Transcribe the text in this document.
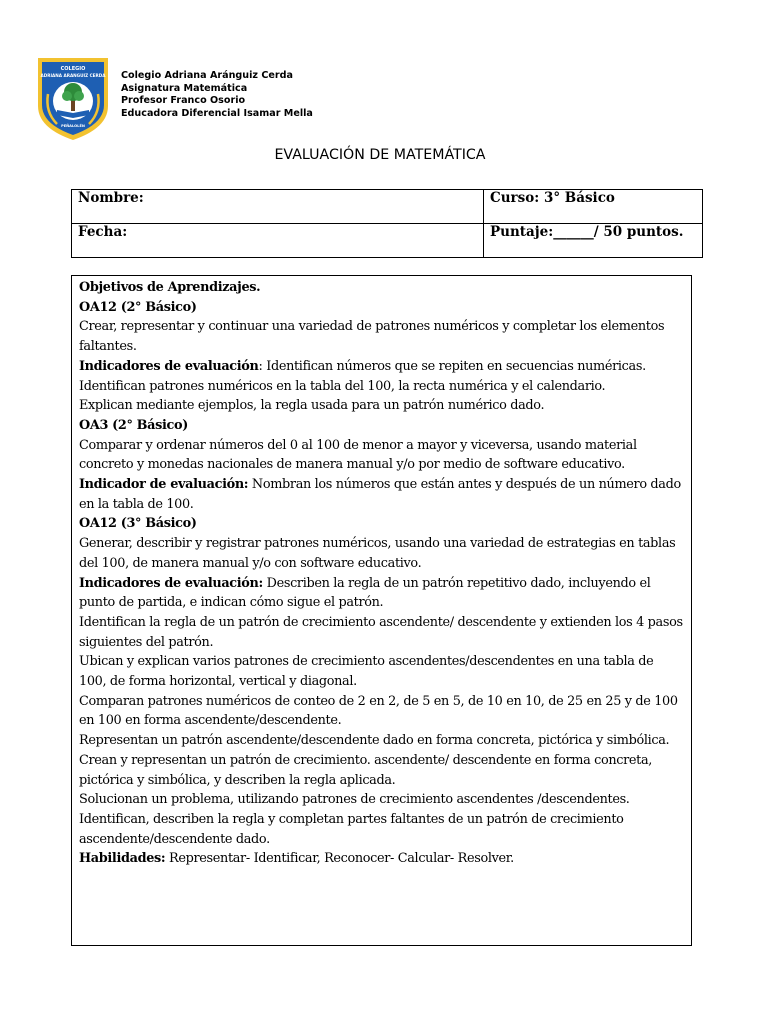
COLEGIO
ADRIANA ARANGUIZ CERDA
PEÑALOLÉN
Colegio Adriana Aránguiz Cerda
Asignatura Matemática
Profesor Franco Osorio
Educadora Diferencial Isamar Mella
EVALUACIÓN DE MATEMÁTICA
Nombre:	Curso: 3° Básico
Fecha:	Puntaje:______/ 50 puntos.
Objetivos de Aprendizajes.
OA12 (2° Básico)
Crear, representar y continuar una variedad de patrones numéricos y completar los elementos faltantes.
Indicadores de evaluación: Identifican números que se repiten en secuencias numéricas.
Identifican patrones numéricos en la tabla del 100, la recta numérica y el calendario.
Explican mediante ejemplos, la regla usada para un patrón numérico dado.
OA3 (2° Básico)
Comparar y ordenar números del 0 al 100 de menor a mayor y viceversa, usando material concreto y monedas nacionales de manera manual y/o por medio de software educativo.
Indicador de evaluación: Nombran los números que están antes y después de un número dado en la tabla de 100.
OA12 (3° Básico)
Generar, describir y registrar patrones numéricos, usando una variedad de estrategias en tablas del 100, de manera manual y/o con software educativo.
Indicadores de evaluación: Describen la regla de un patrón repetitivo dado, incluyendo el punto de partida, e indican cómo sigue el patrón.
Identifican la regla de un patrón de crecimiento ascendente/ descendente y extienden los 4 pasos siguientes del patrón.
Ubican y explican varios patrones de crecimiento ascendentes/descendentes en una tabla de 100, de forma horizontal, vertical y diagonal.
Comparan patrones numéricos de conteo de 2 en 2, de 5 en 5, de 10 en 10, de 25 en 25 y de 100 en 100 en forma ascendente/descendente.
Representan un patrón ascendente/descendente dado en forma concreta, pictórica y simbólica.
Crean y representan un patrón de crecimiento. ascendente/ descendente en forma concreta, pictórica y simbólica, y describen la regla aplicada.
Solucionan un problema, utilizando patrones de crecimiento ascendentes /descendentes.
Identifican, describen la regla y completan partes faltantes de un patrón de crecimiento ascendente/descendente dado.
Habilidades: Representar- Identificar, Reconocer- Calcular- Resolver.
